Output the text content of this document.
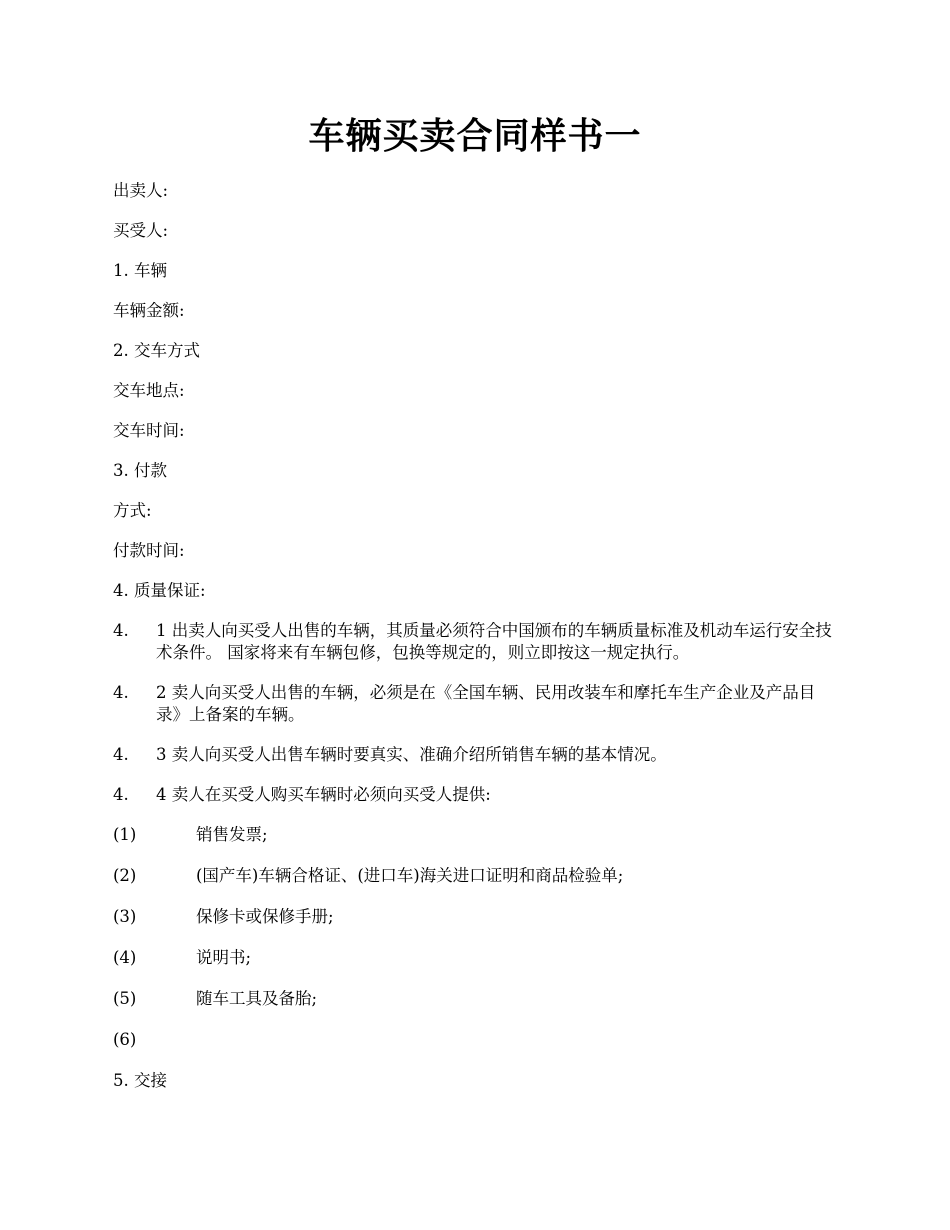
车辆买卖合同样书一

出卖人:

买受人:

1. 车辆

车辆金额:

2. 交车方式

交车地点:

交车时间:

3. 付款

方式:

付款时间:

4. 质量保证:

4.	1 出卖人向买受人出售的车辆，其质量必须符合中国颁布的车辆质量标准及机动车运行安全技术条件。 国家将来有车辆包修，包换等规定的，则立即按这一规定执行。
4.	2 卖人向买受人出售的车辆，必须是在《全国车辆、民用改装车和摩托车生产企业及产品目录》上备案的车辆。
4.	3 卖人向买受人出售车辆时要真实、准确介绍所销售车辆的基本情况。
4.	4 卖人在买受人购买车辆时必须向买受人提供:
(1)	销售发票;
(2)	(国产车)车辆合格证、(进口车)海关进口证明和商品检验单;
(3)	保修卡或保修手册;
(4)	说明书;
(5)	随车工具及备胎;
(6)

5. 交接
